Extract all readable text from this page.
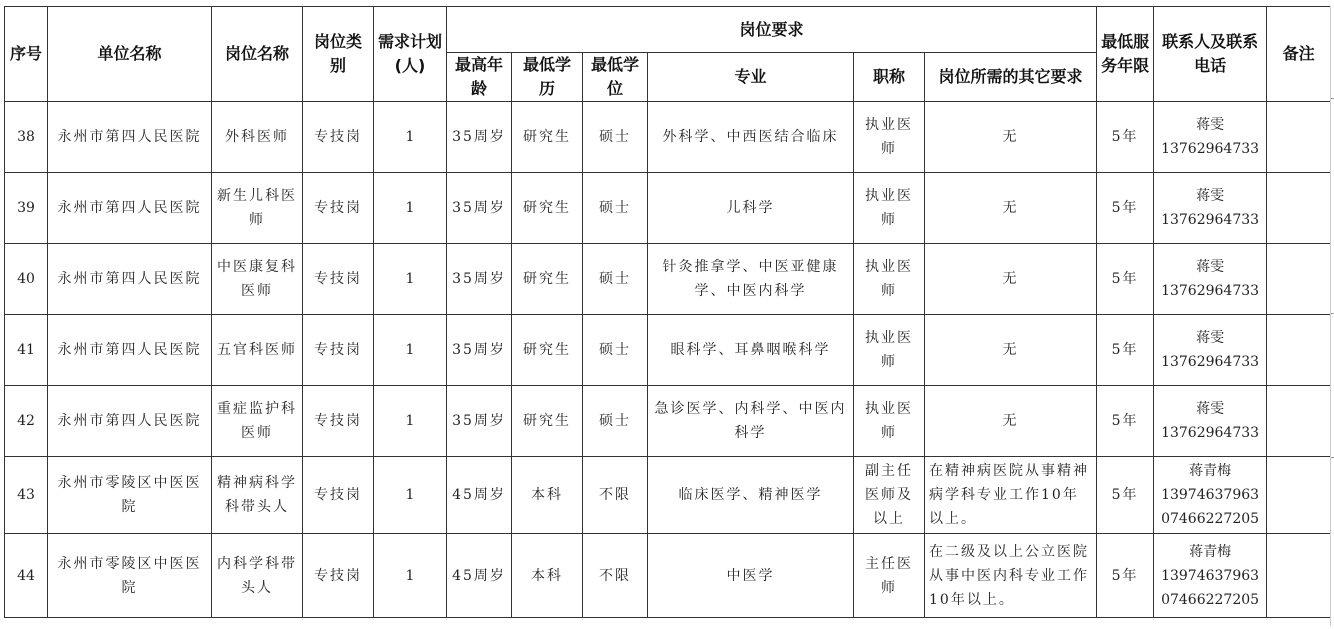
序号	单位名称	岗位名称	岗位类别	需求计划(人)	岗位要求						最低服务年限	联系人及联系电话	备注
					最高年龄	最低学历	最低学位	专业	职称	岗位所需的其它要求			
38	永州市第四人民医院	外科医师	专技岗	1	35周岁	研究生	硕士	外科学、中西医结合临床	执业医师	无	5年	蒋雯
13762964733	

39	永州市第四人民医院	新生儿科医师	专技岗	1	35周岁	研究生	硕士	儿科学	执业医师	无	5年	蒋雯
13762964733	

40	永州市第四人民医院	中医康复科医师	专技岗	1	35周岁	研究生	硕士	针灸推拿学、中医亚健康学、中医内科学	执业医师	无	5年	蒋雯
13762964733	

41	永州市第四人民医院	五官科医师	专技岗	1	35周岁	研究生	硕士	眼科学、耳鼻咽喉科学	执业医师	无	5年	蒋雯
13762964733	

42	永州市第四人民医院	重症监护科医师	专技岗	1	35周岁	研究生	硕士	急诊医学、内科学、中医内科学	执业医师	无	5年	蒋雯
13762964733	

43	永州市零陵区中医医院	精神病科学科带头人	专技岗	1	45周岁	本科	不限	临床医学、精神医学	副主任医师及以上	在精神病医院从事精神病学科专业工作10年以上。	5年	蒋青梅
13974637963
07466227205	

44	永州市零陵区中医医院	内科学科带头人	专技岗	1	45周岁	本科	不限	中医学	主任医师	在二级及以上公立医院从事中医内科专业工作10年以上。	5年	蒋青梅
13974637963
07466227205	
